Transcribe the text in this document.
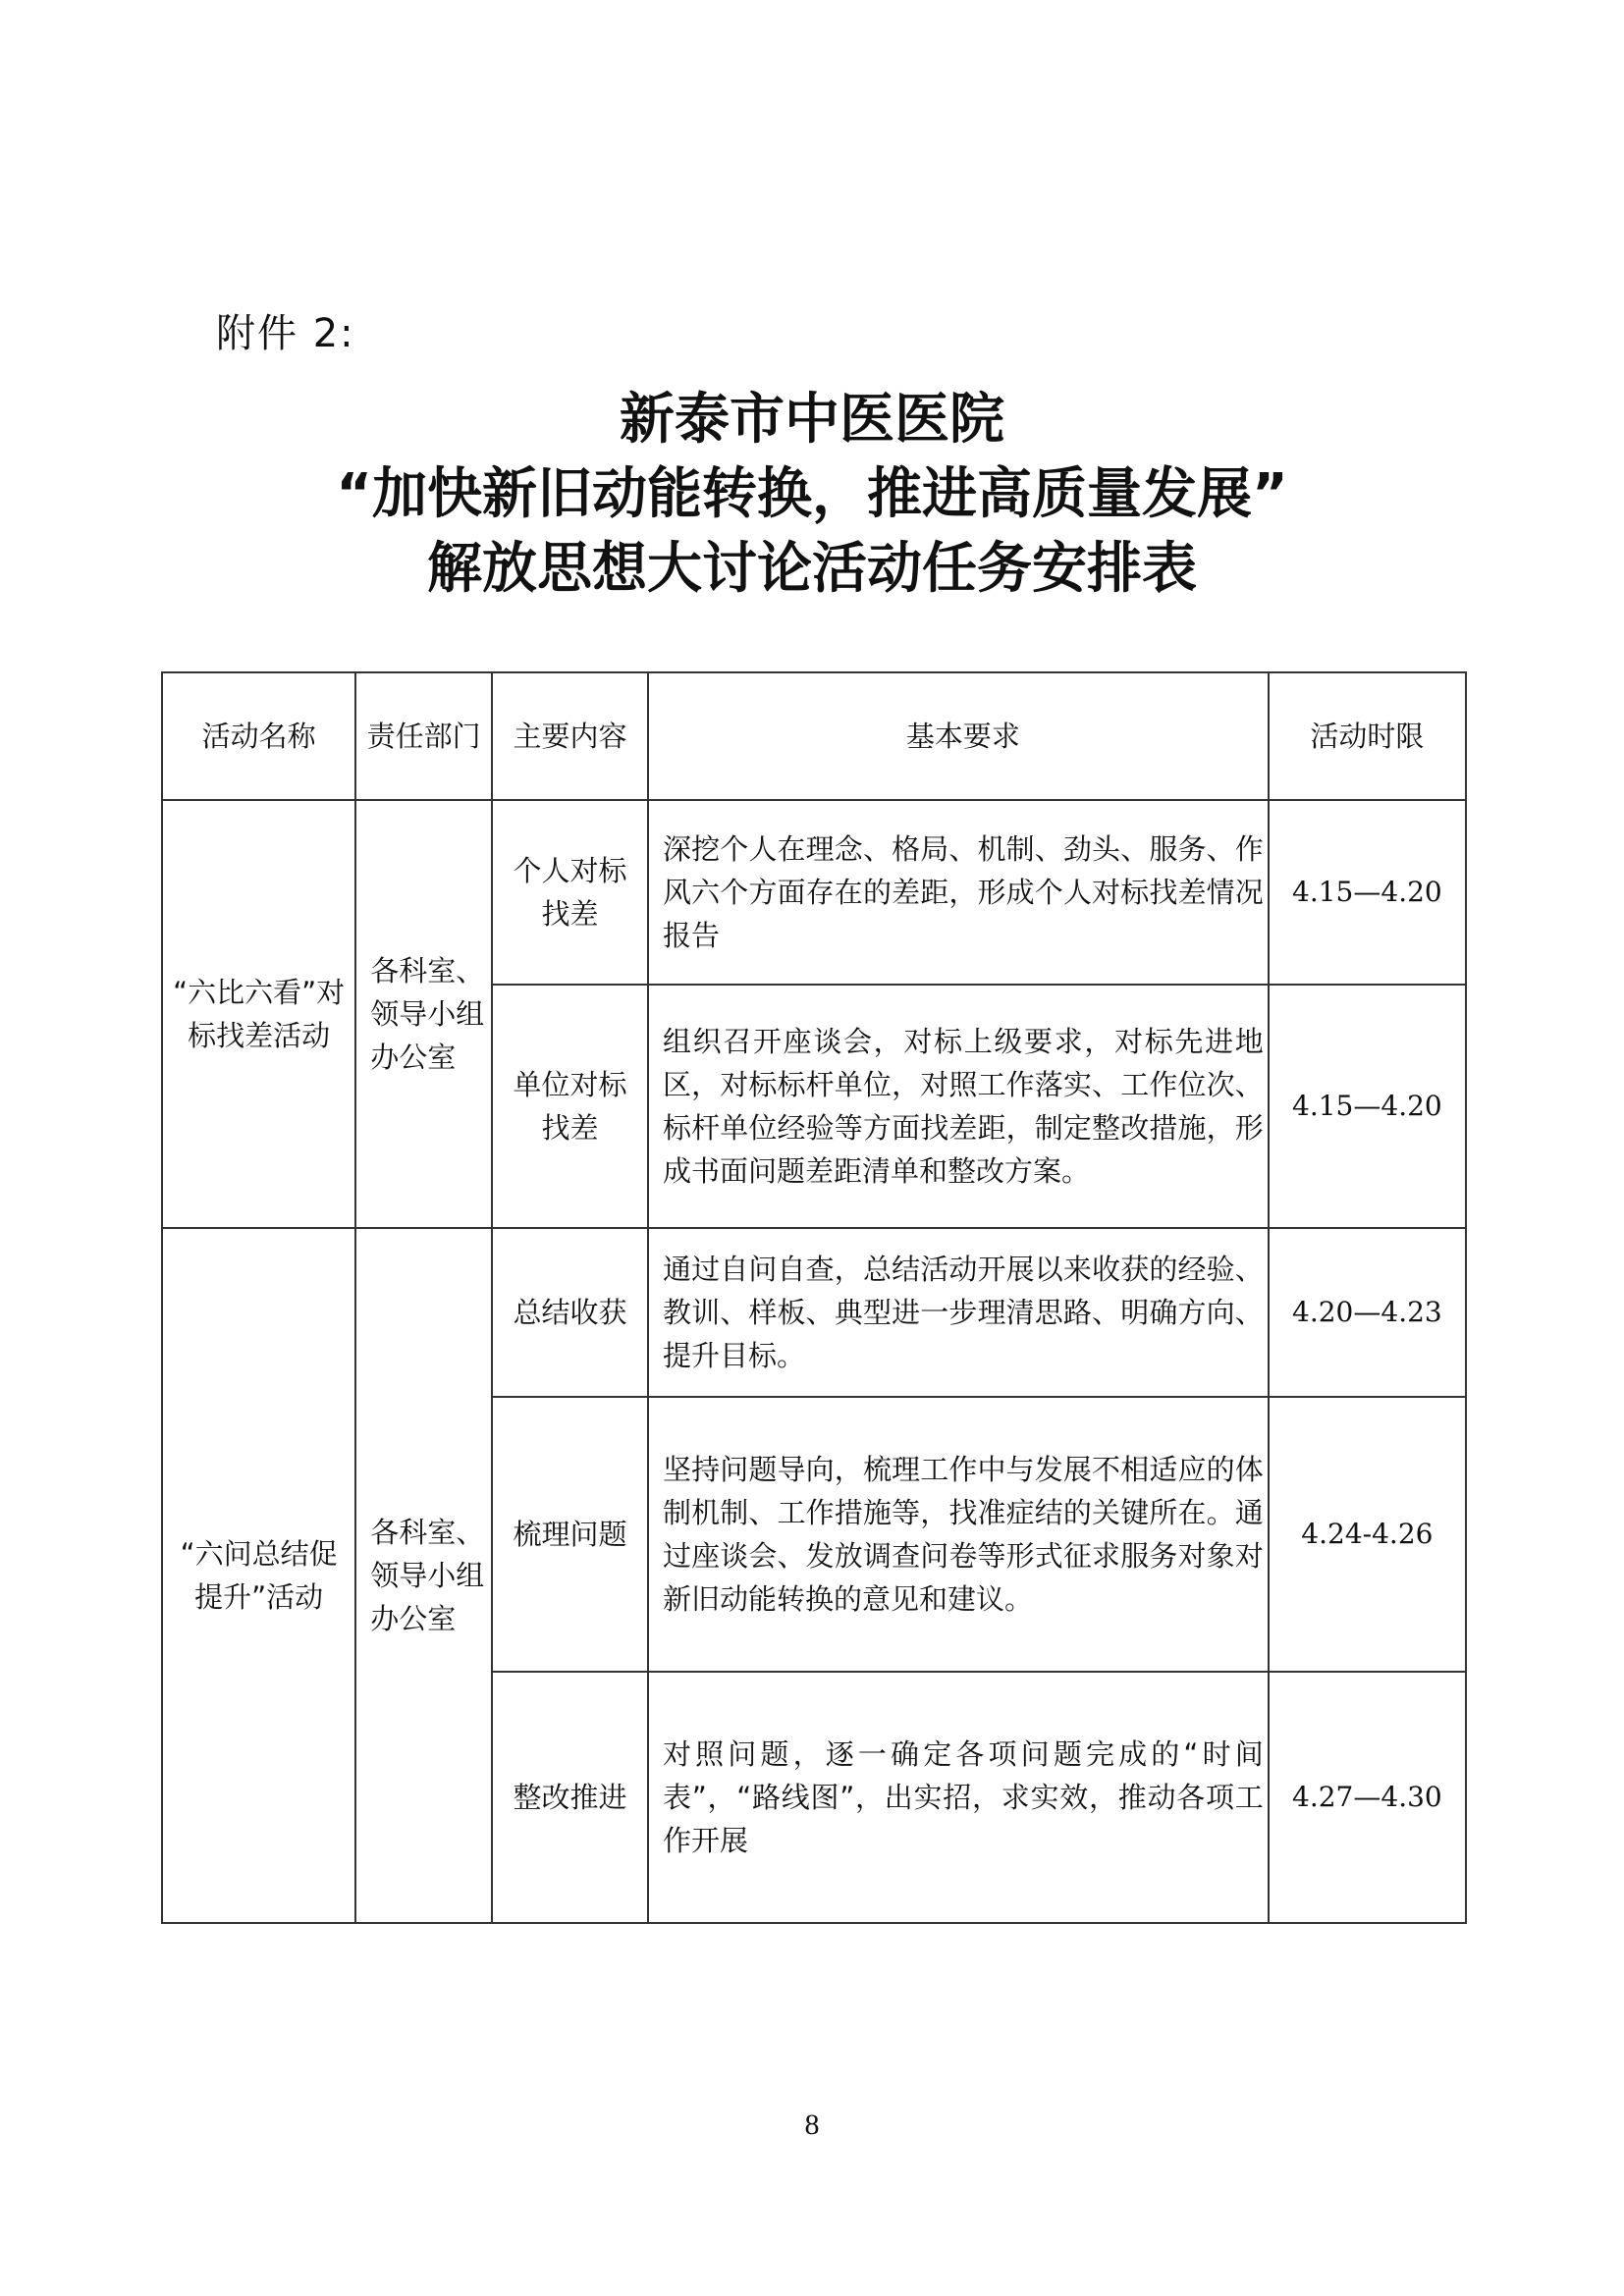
附件 2:
新泰市中医医院
“加快新旧动能转换，推进高质量发展”
解放思想大讨论活动任务安排表
活动名称	责任部门	主要内容	基本要求	活动时限
“六比六看”对标找差活动	各科室、领导小组办公室	个人对标找差	深挖个人在理念、格局、机制、劲头、服务、作风六个方面存在的差距，形成个人对标找差情况报告	4.15—4.20
		单位对标找差	组织召开座谈会，对标上级要求，对标先进地区，对标标杆单位，对照工作落实、工作位次、标杆单位经验等方面找差距，制定整改措施，形成书面问题差距清单和整改方案。	4.15—4.20
“六问总结促提升”活动	各科室、领导小组办公室	总结收获	通过自问自查，总结活动开展以来收获的经验、教训、样板、典型进一步理清思路、明确方向、提升目标。	4.20—4.23
		梳理问题	坚持问题导向，梳理工作中与发展不相适应的体制机制、工作措施等，找准症结的关键所在。通过座谈会、发放调查问卷等形式征求服务对象对新旧动能转换的意见和建议。	4.24-4.26
		整改推进	对照问题，逐一确定各项问题完成的“时间表”，“路线图”，出实招，求实效，推动各项工作开展	4.27—4.30
8
